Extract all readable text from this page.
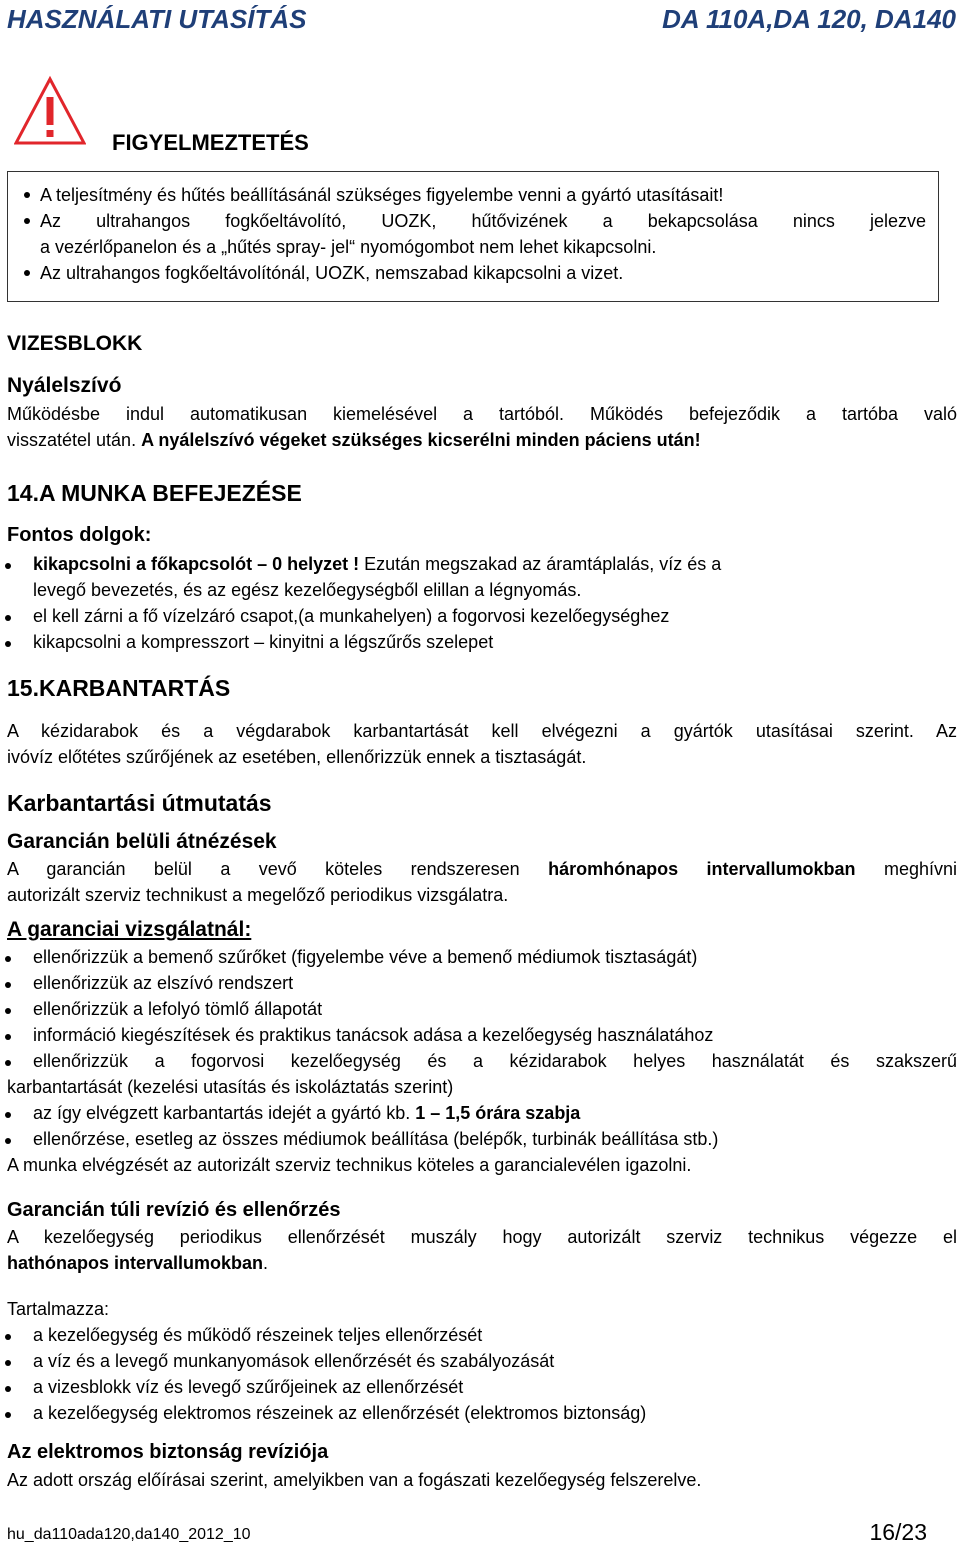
HASZNÁLATI UTASÍTÁS	DA 110A,DA 120, DA140
FIGYELMEZTETÉS
A teljesítmény és hűtés beállításánál szükséges figyelembe venni a gyártó utasításait!
Az ultrahangos fogkőeltávolító, UOZK, hűtővizének a bekapcsolása nincs jelezve
a vezérlőpanelon és a „hűtés spray- jel“ nyomógombot nem lehet kikapcsolni.
Az ultrahangos fogkőeltávolítónál, UOZK, nemszabad kikapcsolni a vizet.
VIZESBLOKK
Nyálelszívó
Működésbe indul automatikusan kiemelésével a tartóból. Működés befejeződik a tartóba való
visszatétel után. A nyálelszívó végeket szükséges kicserélni minden páciens után!
14.A MUNKA BEFEJEZÉSE
Fontos dolgok:
kikapcsolni a főkapcsolót – 0 helyzet ! Ezután megszakad az áramtáplalás, víz és a
levegő bevezetés, és az egész kezelőegységből elillan a légnyomás.
el kell zárni a fő vízelzáró csapot,(a munkahelyen) a fogorvosi kezelőegységhez
kikapcsolni a kompresszort – kinyitni a légszűrős szelepet
15.KARBANTARTÁS
A kézidarabok és a végdarabok karbantartását kell elvégezni a gyártók utasításai szerint. Az
ivóvíz előtétes szűrőjének az esetében, ellenőrizzük ennek a tisztaságát.
Karbantartási útmutatás
Garancián belüli átnézések
A garancián belül a vevő köteles rendszeresen háromhónapos intervallumokban meghívni
autorizált szerviz technikust a megelőző periodikus vizsgálatra.
A garanciai vizsgálatnál:
ellenőrizzük a bemenő szűrőket (figyelembe véve a bemenő médiumok tisztaságát)
ellenőrizzük az elszívó rendszert
ellenőrizzük a lefolyó tömlő állapotát
információ kiegészítések és praktikus tanácsok adása a kezelőegység használatához
ellenőrizzük a fogorvosi kezelőegység és a kézidarabok helyes használatát és szakszerű
karbantartását (kezelési utasítás és iskoláztatás szerint)
az így elvégzett karbantartás idejét a gyártó kb. 1 – 1,5 órára szabja
ellenőrzése, esetleg az összes médiumok beállítása (belépők, turbinák beállítása stb.)
A munka elvégzését az autorizált szerviz technikus köteles a garancialevélen igazolni.
Garancián túli revízió és ellenőrzés
A kezelőegység periodikus ellenőrzését muszály hogy autorizált szerviz technikus végezze el
hathónapos intervallumokban.
Tartalmazza:
a kezelőegység és működő részeinek teljes ellenőrzését
a víz és a levegő munkanyomások ellenőrzését és szabályozását
a vizesblokk víz és levegő szűrőjeinek az ellenőrzését
a kezelőegység elektromos részeinek az ellenőrzését (elektromos biztonság)
Az elektromos biztonság revíziója
Az adott ország előírásai szerint, amelyikben van a fogászati kezelőegység felszerelve.
hu_da110ada120,da140_2012_10	16/23
